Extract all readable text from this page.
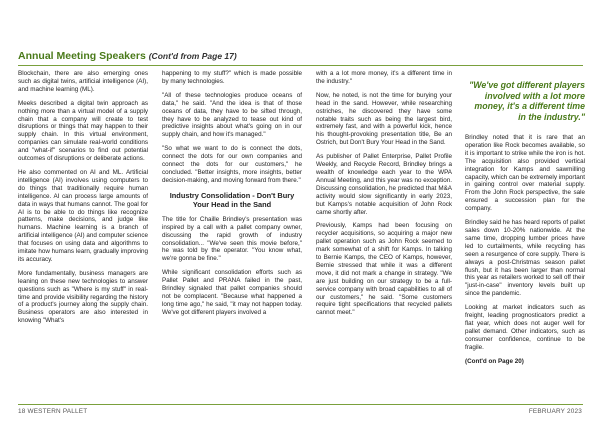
Annual Meeting Speakers (Cont'd from Page 17)

Blockchain, there are also emerging ones such as digital twins, artificial intelligence (AI), and machine learning (ML).

Meeks described a digital twin approach as nothing more than a virtual model of a supply chain that a company will create to test disruptions or things that may happen to their supply chain. In this virtual environment, companies can simulate real-world conditions and "what-if" scenarios to find out potential outcomes of disruptions or deliberate actions.

He also commented on AI and ML. Artificial intelligence (AI) involves using computers to do things that traditionally require human intelligence. AI can process large amounts of data in ways that humans cannot. The goal for AI is to be able to do things like recognize patterns, make decisions, and judge like humans. Machine learning is a branch of artificial intelligence (AI) and computer science that focuses on using data and algorithms to imitate how humans learn, gradually improving its accuracy.

More fundamentally, business managers are leaning on these new technologies to answer questions such as "Where is my stuff" in real-time and provide visibility regarding the history of a product's journey along the supply chain. Business operators are also interested in knowing "What's

happening to my stuff?" which is made possible by many technologies.

"All of these technologies produce oceans of data," he said. "And the idea is that of those oceans of data, they have to be sifted through, they have to be analyzed to tease out kind of predictive insights about what's going on in our supply chain, and how it's managed."

"So what we want to do is connect the dots, connect the dots for our own companies and connect the dots for our customers," he concluded. "Better insights, more insights, better decision-making, and moving forward from there."

Industry Consolidation - Don't Bury Your Head in the Sand

The title for Chaille Brindley's presentation was inspired by a call with a pallet company owner, discussing the rapid growth of industry consolidation... "We've seen this movie before," he was told by the operator. "You know what, we're gonna be fine."

While significant consolidation efforts such as Pallet Pallet and PRANA failed in the past, Brindley signaled that pallet companies should not be complacent. "Because what happened a long time ago," he said, "it may not happen today. We've got different players involved a

with a a lot more money, it's a different time in the industry."

Now, he noted, is not the time for burying your head in the sand. However, while researching ostriches, he discovered they have some notable traits such as being the largest bird, extremely fast, and with a powerful kick, hence his thought-provoking presentation title, Be an Ostrich, but Don't Bury Your Head in the Sand.

As publisher of Pallet Enterprise, Pallet Profile Weekly, and Recycle Record, Brindley brings a wealth of knowledge each year to the WPA Annual Meeting, and this year was no exception. Discussing consolidation, he predicted that M&A activity would slow significantly in early 2023, but Kamps's notable acquisition of John Rock came shortly after.

Previously, Kamps had been focusing on recycler acquisitions, so acquiring a major new pallet operation such as John Rock seemed to mark somewhat of a shift for Kamps. In talking to Bernie Kamps, the CEO of Kamps, however, Bernie stressed that while it was a different move, it did not mark a change in strategy. "We are just building on our strategy to be a full-service company with broad capabilities to all of our customers," he said. "Some customers require tight specifications that recycled pallets cannot meet."

"We've got different players involved with a lot more money, it's a different time in the industry."

Brindley noted that it is rare that an operation like Rock becomes available, so it is important to strike while the iron is hot. The acquisition also provided vertical integration for Kamps and sawmilling capacity, which can be extremely important in gaining control over material supply. From the John Rock perspective, the sale ensured a succession plan for the company.

Brindley said he has heard reports of pallet sales down 10-20% nationwide. At the same time, dropping lumber prices have led to curtailments, while recycling has seen a resurgence of core supply. There is always a post-Christmas season pallet flush, but it has been larger than normal this year as retailers worked to sell off their "just-in-case" inventory levels built up since the pandemic.

Looking at market indicators such as freight, leading prognosticators predict a flat year, which does not auger well for pallet demand. Other indicators, such as consumer confidence, continue to be fragile.

(Cont'd on Page 20)

18 WESTERN PALLET	FEBRUARY 2023
